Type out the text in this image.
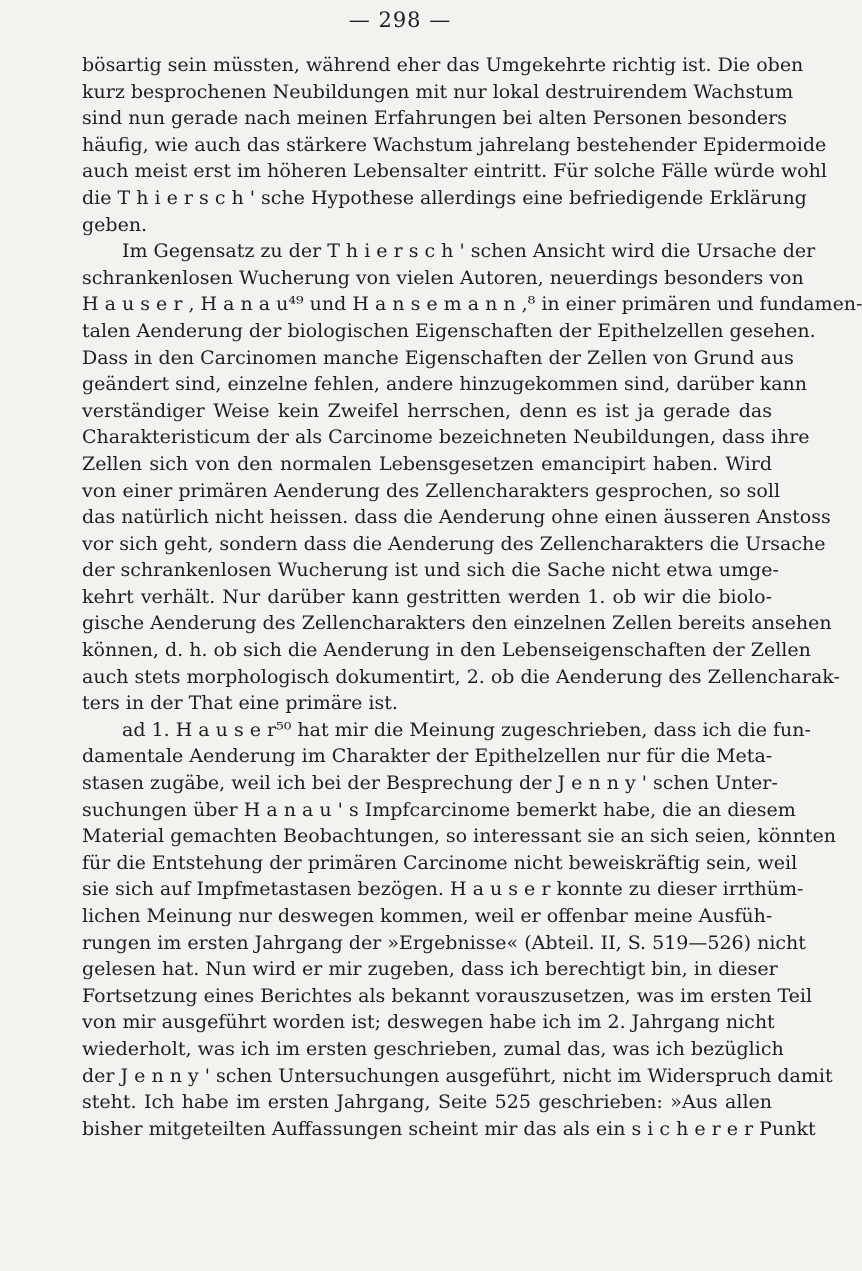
— 298 —
bösartig sein müssten, während eher das Umgekehrte richtig ist. Die oben
kurz besprochenen Neubildungen mit nur lokal destruirendem Wachstum
sind nun gerade nach meinen Erfahrungen bei alten Personen besonders
häufig, wie auch das stärkere Wachstum jahrelang bestehender Epidermoide
auch meist erst im höheren Lebensalter eintritt. Für solche Fälle würde wohl
die T h i e r s c h ' sche Hypothese allerdings eine befriedigende Erklärung
geben.
Im Gegensatz zu der T h i e r s c h ' schen Ansicht wird die Ursache der
schrankenlosen Wucherung von vielen Autoren, neuerdings besonders von
H a u s e r , H a n a u⁴⁹ und H a n s e m a n n ,⁸ in einer primären und fundamen-
talen Aenderung der biologischen Eigenschaften der Epithelzellen gesehen.
Dass in den Carcinomen manche Eigenschaften der Zellen von Grund aus
geändert sind, einzelne fehlen, andere hinzugekommen sind, darüber kann
verständiger Weise kein Zweifel herrschen, denn es ist ja gerade das
Charakteristicum der als Carcinome bezeichneten Neubildungen, dass ihre
Zellen sich von den normalen Lebensgesetzen emancipirt haben. Wird
von einer primären Aenderung des Zellencharakters gesprochen, so soll
das natürlich nicht heissen. dass die Aenderung ohne einen äusseren Anstoss
vor sich geht, sondern dass die Aenderung des Zellencharakters die Ursache
der schrankenlosen Wucherung ist und sich die Sache nicht etwa umge-
kehrt verhält. Nur darüber kann gestritten werden 1. ob wir die biolo-
gische Aenderung des Zellencharakters den einzelnen Zellen bereits ansehen
können, d. h. ob sich die Aenderung in den Lebenseigenschaften der Zellen
auch stets morphologisch dokumentirt, 2. ob die Aenderung des Zellencharak-
ters in der That eine primäre ist.
ad 1. H a u s e r⁵⁰ hat mir die Meinung zugeschrieben, dass ich die fun-
damentale Aenderung im Charakter der Epithelzellen nur für die Meta-
stasen zugäbe, weil ich bei der Besprechung der J e n n y ' schen Unter-
suchungen über H a n a u ' s Impfcarcinome bemerkt habe, die an diesem
Material gemachten Beobachtungen, so interessant sie an sich seien, könnten
für die Entstehung der primären Carcinome nicht beweiskräftig sein, weil
sie sich auf Impfmetastasen bezögen. H a u s e r konnte zu dieser irrthüm-
lichen Meinung nur deswegen kommen, weil er offenbar meine Ausfüh-
rungen im ersten Jahrgang der »Ergebnisse« (Abteil. II, S. 519—526) nicht
gelesen hat. Nun wird er mir zugeben, dass ich berechtigt bin, in dieser
Fortsetzung eines Berichtes als bekannt vorauszusetzen, was im ersten Teil
von mir ausgeführt worden ist; deswegen habe ich im 2. Jahrgang nicht
wiederholt, was ich im ersten geschrieben, zumal das, was ich bezüglich
der J e n n y ' schen Untersuchungen ausgeführt, nicht im Widerspruch damit
steht. Ich habe im ersten Jahrgang, Seite 525 geschrieben: »Aus allen
bisher mitgeteilten Auffassungen scheint mir das als ein s i c h e r e r Punkt
